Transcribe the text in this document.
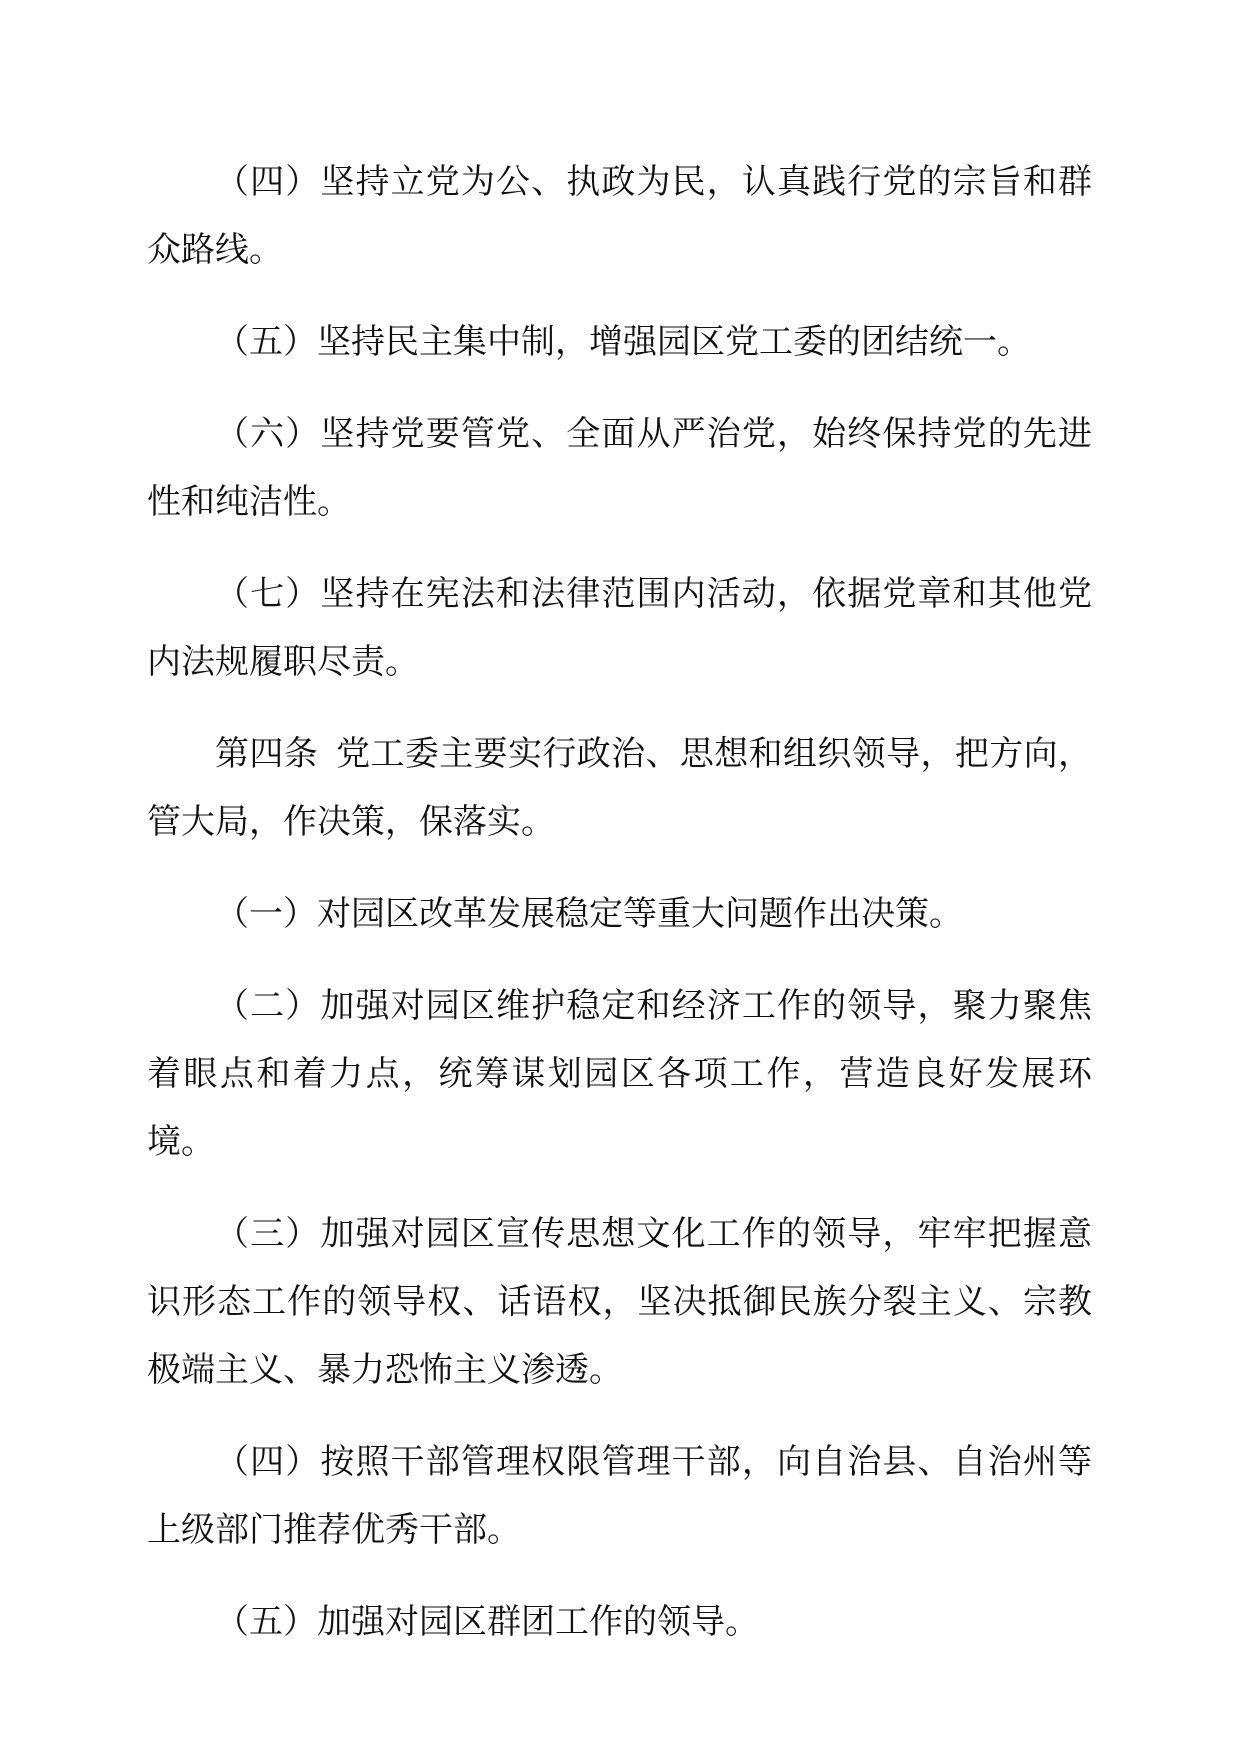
（四）坚持立党为公、执政为民，认真践行党的宗旨和群众路线。

（五）坚持民主集中制，增强园区党工委的团结统一。

（六）坚持党要管党、全面从严治党，始终保持党的先进性和纯洁性。

（七）坚持在宪法和法律范围内活动，依据党章和其他党内法规履职尽责。

第四条 党工委主要实行政治、思想和组织领导，把方向，管大局，作决策，保落实。

（一）对园区改革发展稳定等重大问题作出决策。

（二）加强对园区维护稳定和经济工作的领导，聚力聚焦着眼点和着力点，统筹谋划园区各项工作，营造良好发展环境。

（三）加强对园区宣传思想文化工作的领导，牢牢把握意识形态工作的领导权、话语权，坚决抵御民族分裂主义、宗教极端主义、暴力恐怖主义渗透。

（四）按照干部管理权限管理干部，向自治县、自治州等上级部门推荐优秀干部。

（五）加强对园区群团工作的领导。
